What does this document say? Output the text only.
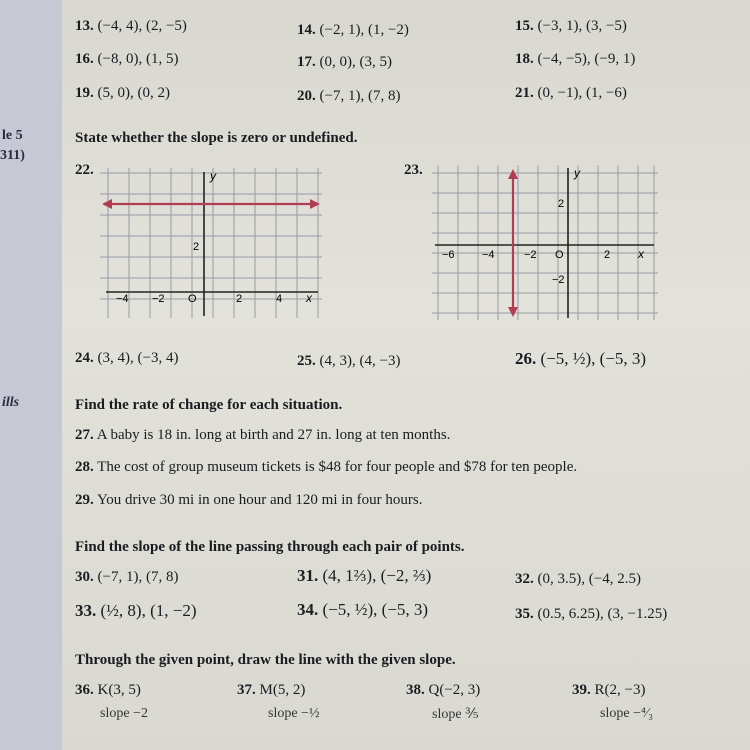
13. (−4, 4), (2, −5)	14. (−2, 1), (1, −2)	15. (−3, 1), (3, −5)
16. (−8, 0), (1, 5)	17. (0, 0), (3, 5)	18. (−4, −5), (−9, 1)
19. (5, 0), (0, 2)	20. (−7, 1), (7, 8)	21. (0, −1), (1, −6)
le 5
311)
ills
State whether the slope is zero or undefined.
22.	y
x
2
−4 −2 O	2	4
23.	y
x
2
−2
−6 −4	−2 O	2
24. (3, 4), (−3, 4)	25. (4, 3), (4, −3)	26. (−5, ½), (−5, 3)
Find the rate of change for each situation.
27. A baby is 18 in. long at birth and 27 in. long at ten months.
28. The cost of group museum tickets is $48 for four people and $78 for ten people.
29. You drive 30 mi in one hour and 120 mi in four hours.
Find the slope of the line passing through each pair of points.
30. (−7, 1), (7, 8)	31. (4, 1⅔), (−2, ⅔)	32. (0, 3.5), (−4, 2.5)
33. (½, 8), (1, −2)	34. (−5, ½), (−5, 3)	35. (0.5, 6.25), (3, −1.25)
Through the given point, draw the line with the given slope.
36. K(3, 5)
slope −2
37. M(5, 2)
slope −½
38. Q(−2, 3)
slope ⅗
39. R(2, −3)
slope −⁴⁄₃
